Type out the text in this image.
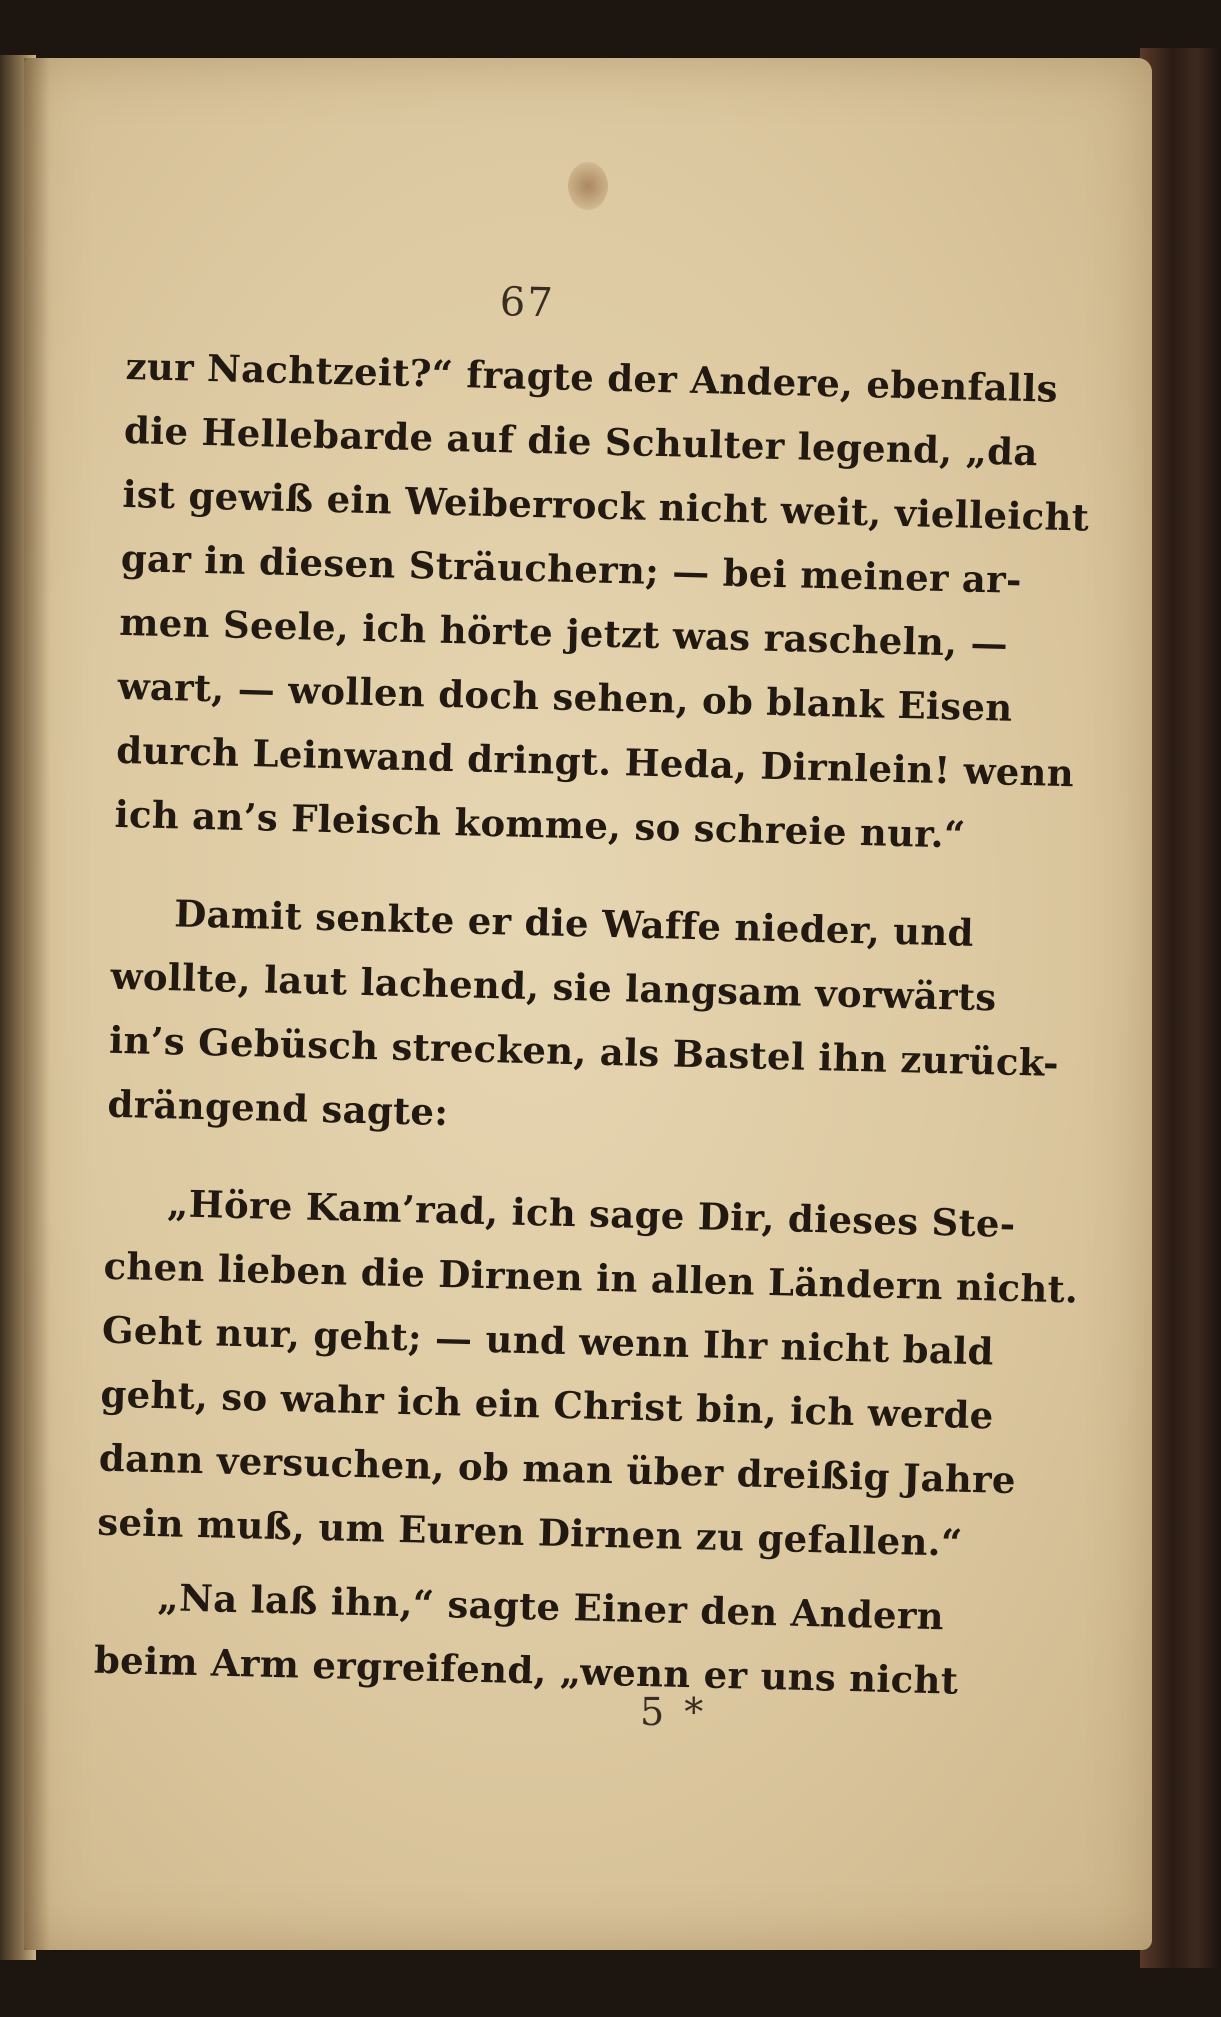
67
zur Nachtzeit?“ fragte der Andere, ebenfalls
die Hellebarde auf die Schulter legend, „da
ist gewiß ein Weiberrock nicht weit, vielleicht
gar in diesen Sträuchern; — bei meiner ar-
men Seele, ich hörte jetzt was rascheln, —
wart, — wollen doch sehen, ob blank Eisen
durch Leinwand dringt. Heda, Dirnlein! wenn
ich an’s Fleisch komme, so schreie nur.“
Damit senkte er die Waffe nieder, und
wollte, laut lachend, sie langsam vorwärts
in’s Gebüsch strecken, als Bastel ihn zurück-
drängend sagte:
„Höre Kam’rad, ich sage Dir, dieses Ste-
chen lieben die Dirnen in allen Ländern nicht.
Geht nur, geht; — und wenn Ihr nicht bald
geht, so wahr ich ein Christ bin, ich werde
dann versuchen, ob man über dreißig Jahre
sein muß, um Euren Dirnen zu gefallen.“
„Na laß ihn,“ sagte Einer den Andern
beim Arm ergreifend, „wenn er uns nicht
5 *
